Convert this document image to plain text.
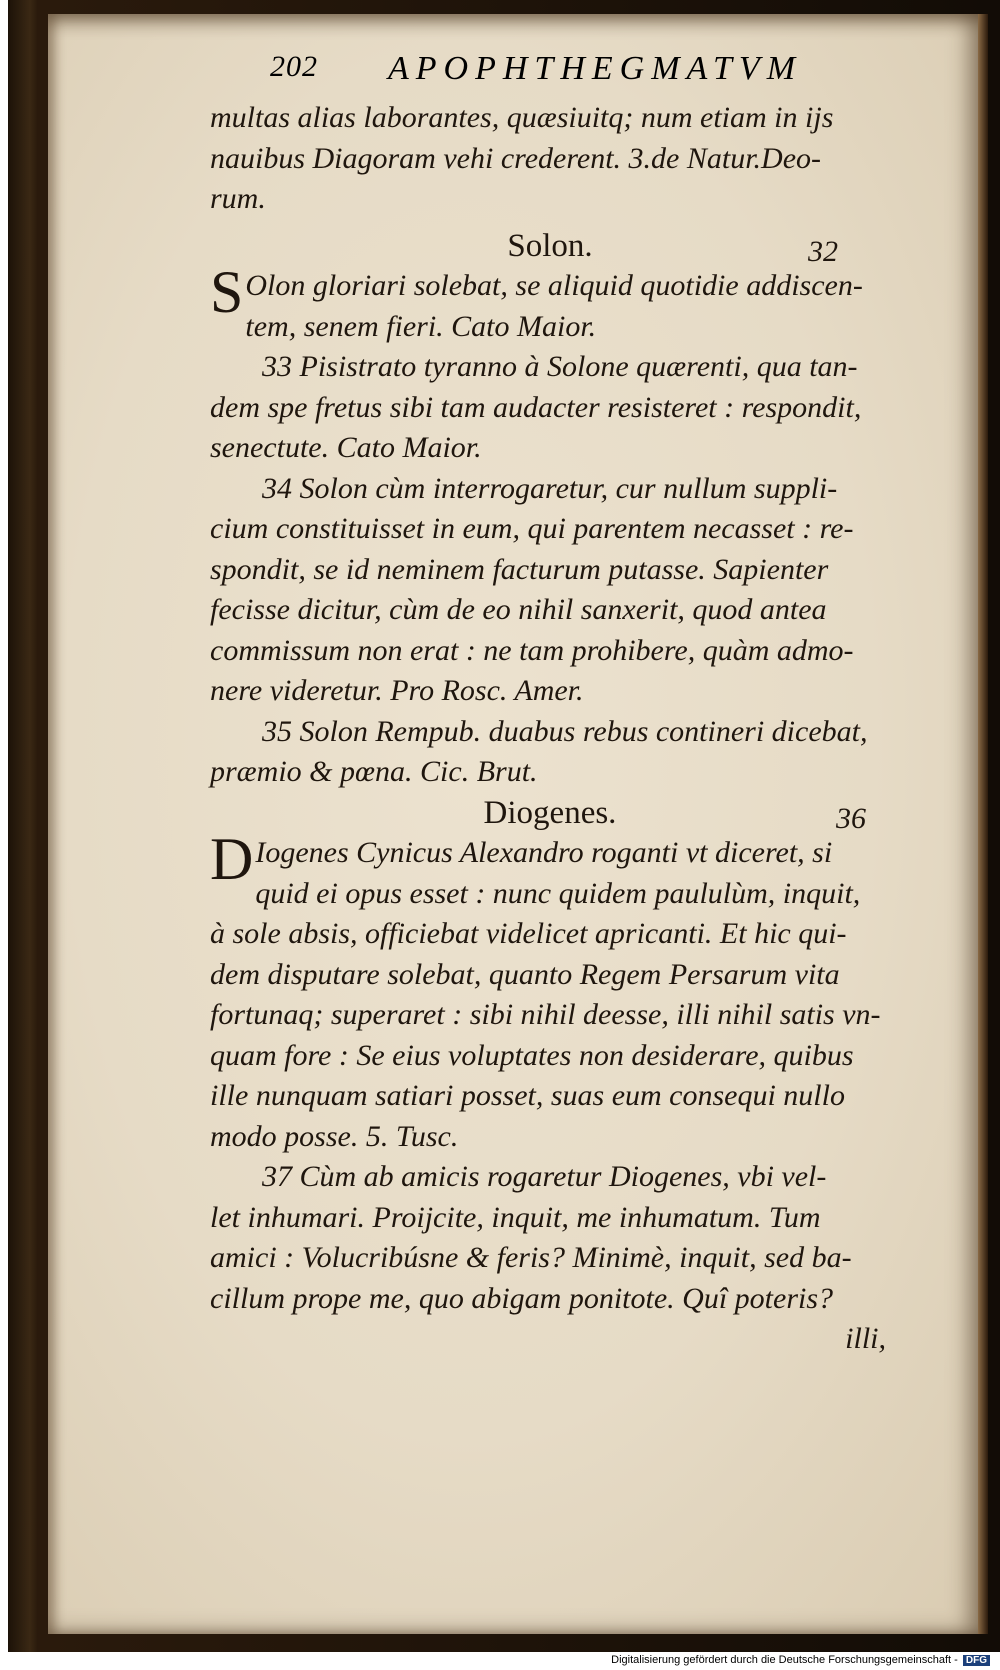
202 APOPHTHEGMATVM
multas alias laborantes, quæsiuitq; num etiam in ijs
nauibus Diagoram vehi crederent. 3.de Natur.Deo-
rum.
Solon.	32
S Olon gloriari solebat, se aliquid quotidie addiscen-
tem, senem fieri. Cato Maior.
33 Pisistrato tyranno à Solone quærenti, qua tan-
dem spe fretus sibi tam audacter resisteret : respondit,
senectute. Cato Maior.
34 Solon cùm interrogaretur, cur nullum suppli-
cium constituisset in eum, qui parentem necasset : re-
spondit, se id neminem facturum putasse. Sapienter
fecisse dicitur, cùm de eo nihil sanxerit, quod antea
commissum non erat : ne tam prohibere, quàm admo-
nere videretur. Pro Rosc. Amer.
35 Solon Rempub. duabus rebus contineri dicebat,
præmio & pœna. Cic. Brut.
Diogenes.	36
D Iogenes Cynicus Alexandro roganti vt diceret, si
quid ei opus esset : nunc quidem paululùm, inquit,
à sole absis, officiebat videlicet apricanti. Et hic qui-
dem disputare solebat, quanto Regem Persarum vita
fortunaq; superaret : sibi nihil deesse, illi nihil satis vn-
quam fore : Se eius voluptates non desiderare, quibus
ille nunquam satiari posset, suas eum consequi nullo
modo posse. 5. Tusc.
37 Cùm ab amicis rogaretur Diogenes, vbi vel-
let inhumari. Proijcite, inquit, me inhumatum. Tum
amici : Volucribúsne & feris? Minimè, inquit, sed ba-
cillum prope me, quo abigam ponitote. Quî poteris?
illi,
Digitalisierung gefördert durch die Deutsche Forschungsgemeinschaft - DFG
